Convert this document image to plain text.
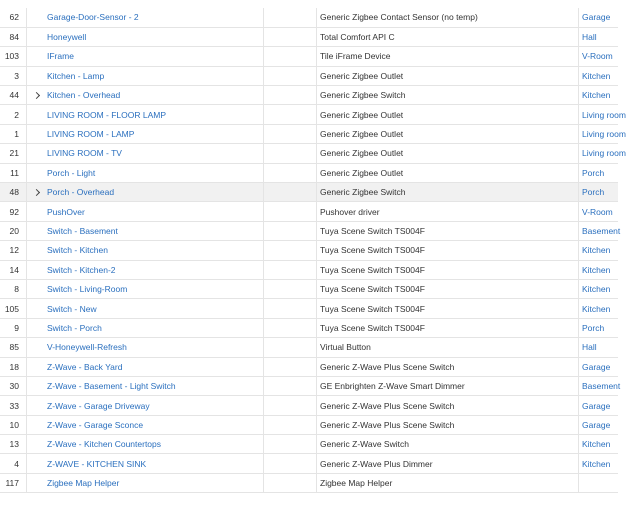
62		Garage-Door-Sensor - 2		Generic Zigbee Contact Sensor (no temp)	Garage
84		Honeywell		Total Comfort API C	Hall
103		IFrame		Tile iFrame Device	V-Room
3		Kitchen - Lamp		Generic Zigbee Outlet	Kitchen
44		Kitchen - Overhead		Generic Zigbee Switch	Kitchen
2		LIVING ROOM - FLOOR LAMP		Generic Zigbee Outlet	Living room
1		LIVING ROOM - LAMP		Generic Zigbee Outlet	Living room
21		LIVING ROOM - TV		Generic Zigbee Outlet	Living room
11		Porch - Light		Generic Zigbee Outlet	Porch
48		Porch - Overhead		Generic Zigbee Switch	Porch
92		PushOver		Pushover driver	V-Room
20		Switch - Basement		Tuya Scene Switch TS004F	Basement
12		Switch - Kitchen		Tuya Scene Switch TS004F	Kitchen
14		Switch - Kitchen-2		Tuya Scene Switch TS004F	Kitchen
8		Switch - Living-Room		Tuya Scene Switch TS004F	Kitchen
105		Switch - New		Tuya Scene Switch TS004F	Kitchen
9		Switch - Porch		Tuya Scene Switch TS004F	Porch
85		V-Honeywell-Refresh		Virtual Button	Hall
18		Z-Wave - Back Yard		Generic Z-Wave Plus Scene Switch	Garage
30		Z-Wave - Basement - Light Switch		GE Enbrighten Z-Wave Smart Dimmer	Basement
33		Z-Wave - Garage Driveway		Generic Z-Wave Plus Scene Switch	Garage
10		Z-Wave - Garage Sconce		Generic Z-Wave Plus Scene Switch	Garage
13		Z-Wave - Kitchen Countertops		Generic Z-Wave Switch	Kitchen
4		Z-WAVE - KITCHEN SINK		Generic Z-Wave Plus Dimmer	Kitchen
117		Zigbee Map Helper		Zigbee Map Helper	
